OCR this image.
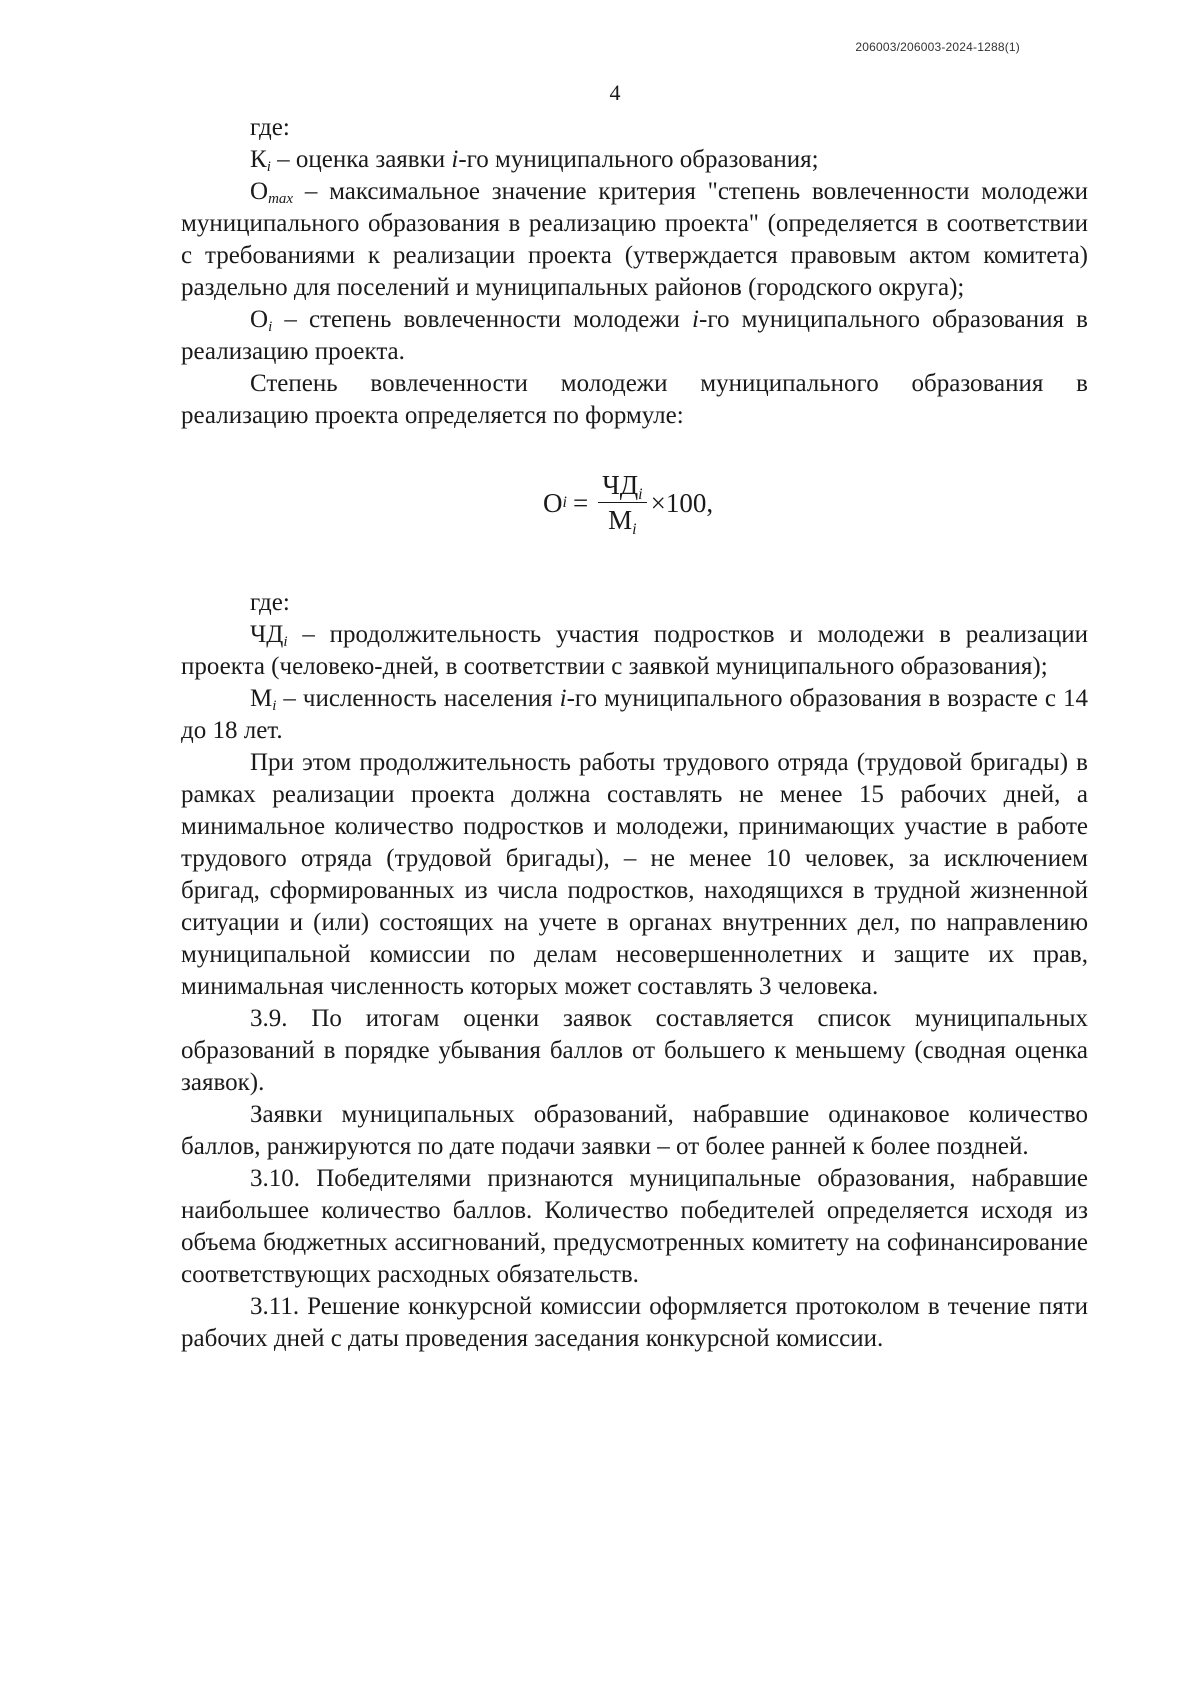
206003/206003-2024-1288(1)
4

где:

$К_i$ – оценка заявки i-го муниципального образования;

$О_{max}$ – максимальное значение критерия "степень вовлеченности молодежи муниципального образования в реализацию проекта" (определяется в соответствии с требованиями к реализации проекта (утверждается правовым актом комитета) раздельно для поселений и муниципальных районов (городского округа);

$О_i$ – степень вовлеченности молодежи i-го муниципального образования в реализацию проекта.

Степень вовлеченности молодежи муниципального образования в реализацию проекта определяется по формуле:

О $i = \frac{\text{ЧДi}}{Мi} \times 100$,

где:

$ЧД_i$ – продолжительность участия подростков и молодежи в реализации проекта (человеко-дней, в соответствии с заявкой муниципального образования);

$М_i$ – численность населения i-го муниципального образования в возрасте с 14 до 18 лет.

При этом продолжительность работы трудового отряда (трудовой бригады) в рамках реализации проекта должна составлять не менее 15 рабочих дней, а минимальное количество подростков и молодежи, принимающих участие в работе трудового отряда (трудовой бригады), – не менее 10 человек, за исключением бригад, сформированных из числа подростков, находящихся в трудной жизненной ситуации и (или) состоящих на учете в органах внутренних дел, по направлению муниципальной комиссии по делам несовершеннолетних и защите их прав, минимальная численность которых может составлять 3 человека.

3.9. По итогам оценки заявок составляется список муниципальных образований в порядке убывания баллов от большего к меньшему (сводная оценка заявок).

Заявки муниципальных образований, набравшие одинаковое количество баллов, ранжируются по дате подачи заявки – от более ранней к более поздней.

3.10. Победителями признаются муниципальные образования, набравшие наибольшее количество баллов. Количество победителей определяется исходя из объема бюджетных ассигнований, предусмотренных комитету на софинансирование соответствующих расходных обязательств.

3.11. Решение конкурсной комиссии оформляется протоколом в течение пяти рабочих дней с даты проведения заседания конкурсной комиссии.
